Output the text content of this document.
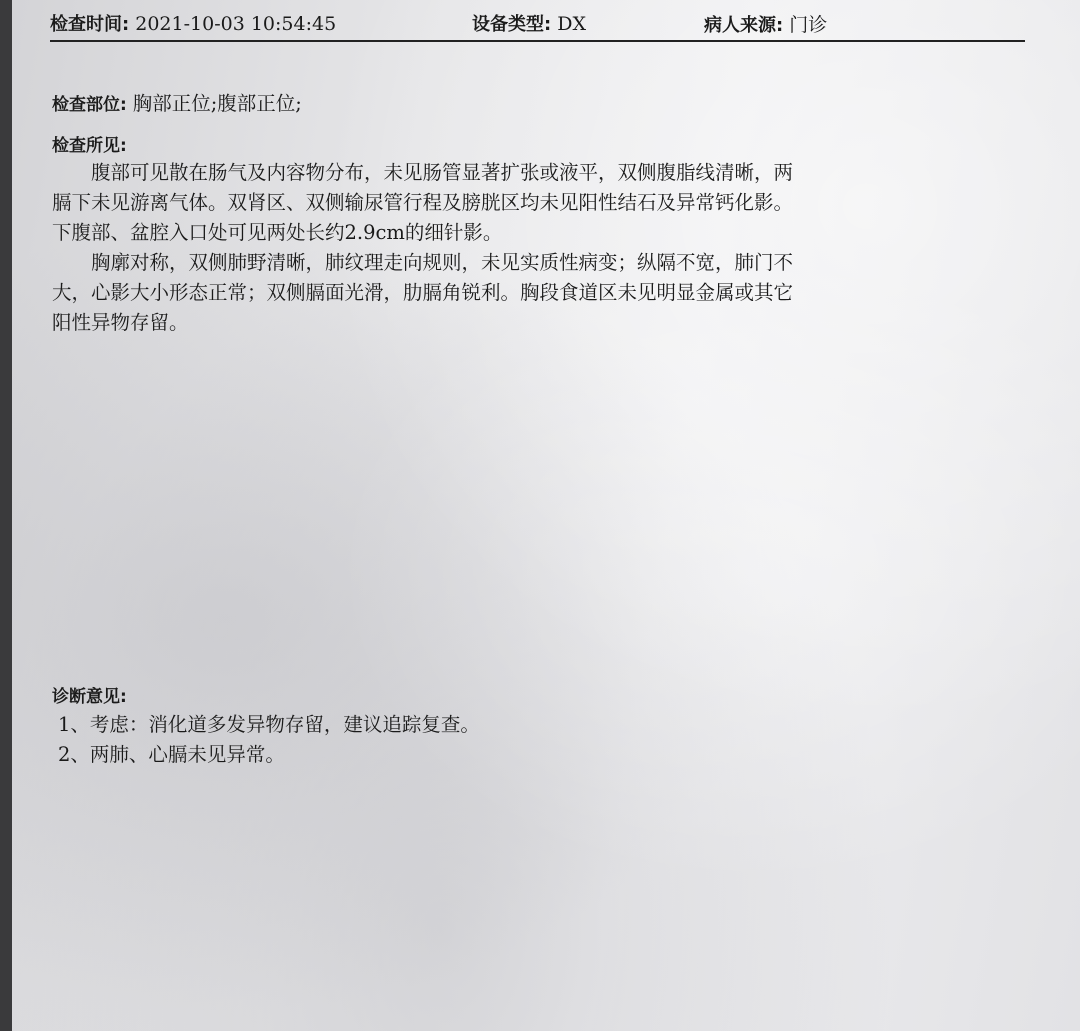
检查时间: 2021-10-03 10:54:45	设备类型: DX	病人来源: 门诊
检查部位: 胸部正位;腹部正位;
检查所见:
　　腹部可见散在肠气及内容物分布，未见肠管显著扩张或液平，双侧腹脂线清晰，两
膈下未见游离气体。双肾区、双侧输尿管行程及膀胱区均未见阳性结石及异常钙化影。
下腹部、盆腔入口处可见两处长约2.9cm的细针影。
　　胸廓对称，双侧肺野清晰，肺纹理走向规则，未见实质性病变；纵隔不宽，肺门不
大，心影大小形态正常；双侧膈面光滑，肋膈角锐利。胸段食道区未见明显金属或其它
阳性异物存留。
诊断意见:
1、考虑：消化道多发异物存留，建议追踪复查。
2、两肺、心膈未见异常。
